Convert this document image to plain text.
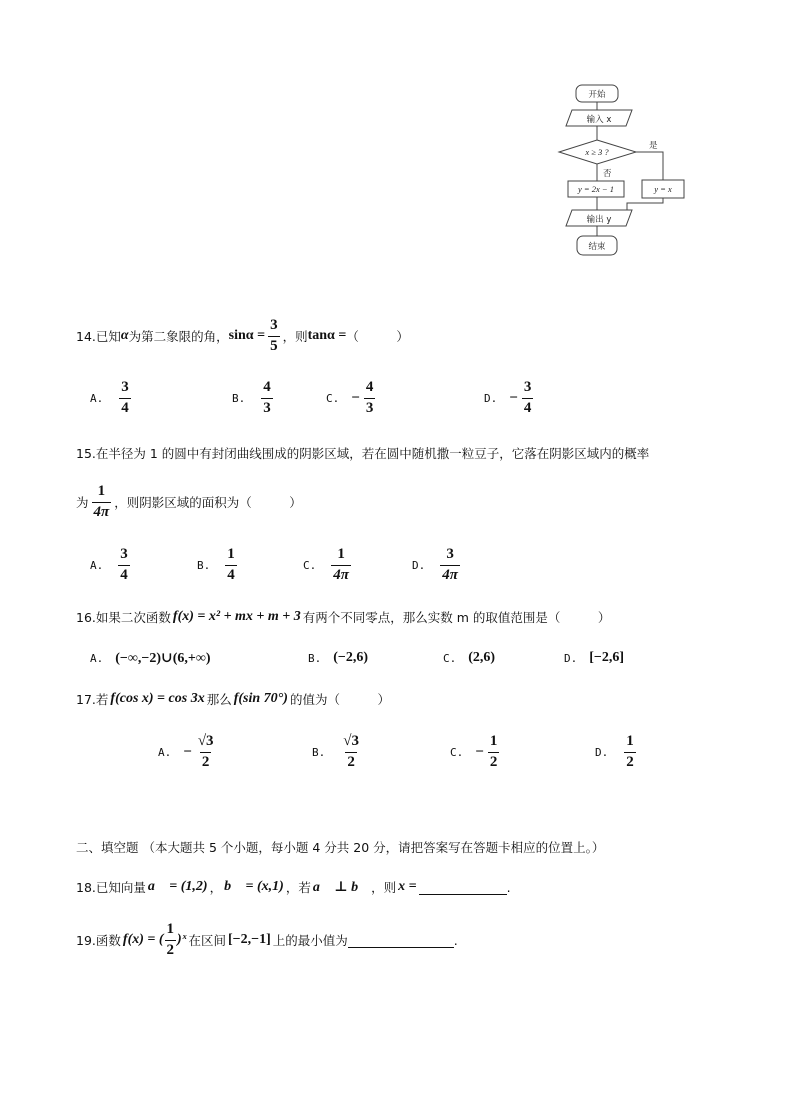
开始
输入 x
x ≥ 3 ?
是
否
y = 2x − 1	y = x
输出 y
结束
14. 已知 α 为第二象限的角， $\sin\alpha = \frac{3}{5}$ ，则 tanα = （　　　）
A. $\frac{3}{4}$	B. $\frac{4}{3}$	C. − $\frac{4}{3}$	D. − $\frac{3}{4}$
15.在半径为 1 的圆中有封闭曲线围成的阴影区域，若在圆中随机撒一粒豆子，它落在阴影区域内的概率
为 $\frac{1}{4\pi}$ ，则阴影区域的面积为（　　　）
A. $\frac{3}{4}$	B. $\frac{1}{4}$	C. $\frac{1}{4\pi}$	D. $\frac{3}{4\pi}$
16. 如果二次函数 f(x) = x² + mx + m + 3 有两个不同零点，那么实数 m 的取值范围是（　　　）
A. (−∞,−2)∪(6,+∞)	B. (−2,6)	C. (2,6)	D. [−2,6]
17. 若 f(cos x) = cos 3x 那么 f(sin 70°) 的值为（　　　）
A. − $\frac{√3}{2}$	B. $\frac{√3}{2}$	C. − $\frac{1}{2}$	D. $\frac{1}{2}$
二、填空题 （本大题共 5 个小题，每小题 4 分共 20 分，请把答案写在答题卡相应的位置上。）
18. 已知向量 a⃗ = (1,2) ， b⃗ = (x,1) ，若 a⃗ ⊥ b⃗ ，则 x =	.
19. 函数 f(x) = ( $\frac{1}{2}$ )ˣ 在区间 [−2,−1] 上的最小值为	.
